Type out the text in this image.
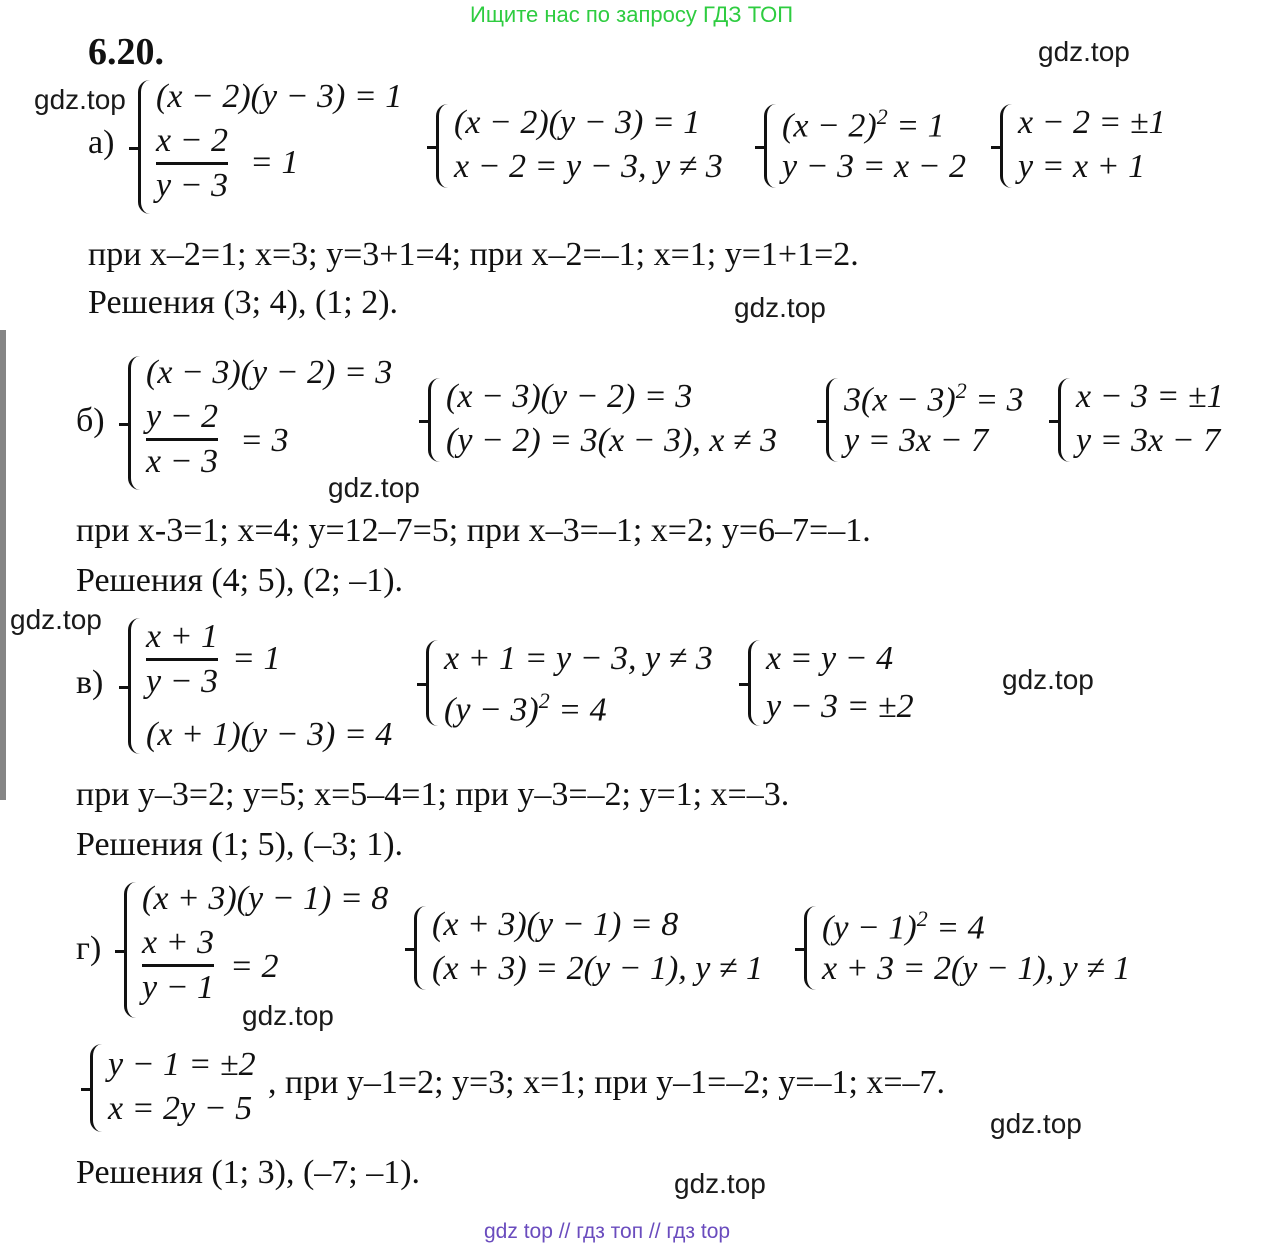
Ищите нас по запросу ГДЗ ТОП
6.20.	gdz.top
gdz.top
gdz.top
gdz.top
gdz.top
gdz.top
gdz.top
gdz.top
gdz.top
а)
(x − 2)(y − 3) = 1
x − 2
y − 3
= 1
(x − 2)(y − 3) = 1
x − 2 = y − 3, y ≠ 3
$(x - 2)^2 = 1$
y − 3 = x − 2
x − 2 = ±1
y = x + 1
при x–2=1; x=3; y=3+1=4; при x–2=–1; x=1; y=1+1=2.
Решения (3; 4), (1; 2).
б)
(x − 3)(y − 2) = 3
y − 2
x − 3
= 3
(x − 3)(y − 2) = 3
(y − 2) = 3(x − 3), x ≠ 3
$3(x - 3)^2 = 3$
y = 3x − 7
x − 3 = ±1
y = 3x − 7
при x-3=1; x=4; y=12–7=5; при x–3=–1; x=2; y=6–7=–1.
Решения (4; 5), (2; –1).
в)
x + 1
y − 3
= 1
(x + 1)(y − 3) = 4
x + 1 = y − 3, y ≠ 3
$(y - 3)^2 = 4$
x = y − 4
y − 3 = ±2
при y–3=2; y=5; x=5–4=1; при y–3=–2; y=1; x=–3.
Решения (1; 5), (–3; 1).
г)
(x + 3)(y − 1) = 8
x + 3
y − 1
= 2
(x + 3)(y − 1) = 8
(x + 3) = 2(y − 1), y ≠ 1
$(y - 1)^2 = 4$
x + 3 = 2(y − 1), y ≠ 1
y − 1 = ±2
x = 2y − 5
, при y–1=2; y=3; x=1; при y–1=–2; y=–1; x=–7.
Решения (1; 3), (–7; –1).
gdz top // гдз топ // гдз top
